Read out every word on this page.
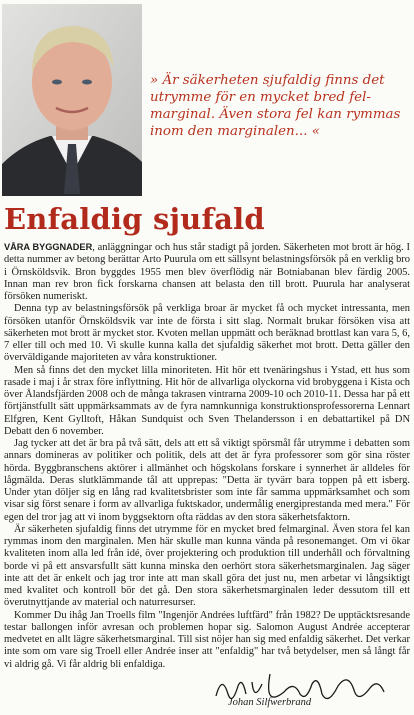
» Är säkerheten sjufaldig finns det utrymme för en mycket bred fel-marginal. Även stora fel kan rymmas inom den marginalen... «
Enfaldig sjufald

VÅRA BYGGNADER, anläggningar och hus står stadigt på jorden. Säkerheten mot brott är hög. I detta nummer av betong berättar Arto Puurula om ett sällsynt belastningsförsök på en verklig bro i Örnsköldsvik. Bron byggdes 1955 men blev överflödig när Botniabanan blev färdig 2005. Innan man rev bron fick forskarna chansen att belasta den till brott. Puurula har analyserat försöken numeriskt.

Denna typ av belastningsförsök på verkliga broar är mycket få och mycket intressanta, men försöken utanför Örnsköldsvik var inte de första i sitt slag. Normalt brukar försöken visa att säkerheten mot brott är mycket stor. Kvoten mellan uppmätt och beräknad brottlast kan vara 5, 6, 7 eller till och med 10. Vi skulle kunna kalla det sjufaldig säkerhet mot brott. Detta gäller den överväldigande majoriteten av våra konstruktioner.

Men så finns det den mycket lilla minoriteten. Hit hör ett tvenäringshus i Ystad, ett hus som rasade i maj i år strax före inflyttning. Hit hör de allvarliga olyckorna vid brobyggena i Kista och över Ålandsfjärden 2008 och de många takrasen vintrarna 2009-10 och 2010-11. Dessa har på ett förtjänstfullt sätt uppmärksammats av de fyra namnkunniga konstruktionsprofessorerna Lennart Elfgren, Kent Gylltoft, Håkan Sundquist och Sven Thelandersson i en debattartikel på DN Debatt den 6 november.

Jag tycker att det är bra på två sätt, dels att ett så viktigt spörsmål får utrymme i debatten som annars domineras av politiker och politik, dels att det är fyra professorer som gör sina röster hörda. Byggbranschens aktörer i allmänhet och högskolans forskare i synnerhet är alldeles för lågmälda. Deras slutklämmande tål att upprepas: "Detta är tyvärr bara toppen på ett isberg. Under ytan döljer sig en lång rad kvalitetsbrister som inte får samma uppmärksamhet och som visar sig först senare i form av allvarliga fuktskador, undermålig energiprestanda med mera." För egen del tror jag att vi inom byggsektorn ofta räddas av den stora säkerhetsfaktorn.

Är säkerheten sjufaldig finns det utrymme för en mycket bred felmarginal. Även stora fel kan rymmas inom den marginalen. Men här skulle man kunna vända på resonemanget. Om vi ökar kvaliteten inom alla led från idé, över projektering och produktion till underhåll och förvaltning borde vi på ett ansvarsfullt sätt kunna minska den oerhört stora säkerhetsmarginalen. Jag säger inte att det är enkelt och jag tror inte att man skall göra det just nu, men arbetar vi långsiktigt med kvalitet och kontroll bör det gå. Den stora säkerhetsmarginalen leder dessutom till ett överutnyttjande av material och naturresurser.

Kommer Du ihåg Jan Troells film "Ingenjör Andrées luftfärd" från 1982? De upptäcktsresande testar ballongen inför avresan och problemen hopar sig. Salomon August Andrée accepterar medvetet en allt lägre säkerhetsmarginal. Till sist nöjer han sig med enfaldig säkerhet. Det verkar inte som om vare sig Troell eller Andrée inser att "enfaldig" har två betydelser, men så långt får vi aldrig gå. Vi får aldrig bli enfaldiga.

Johan Silfwerbrand
